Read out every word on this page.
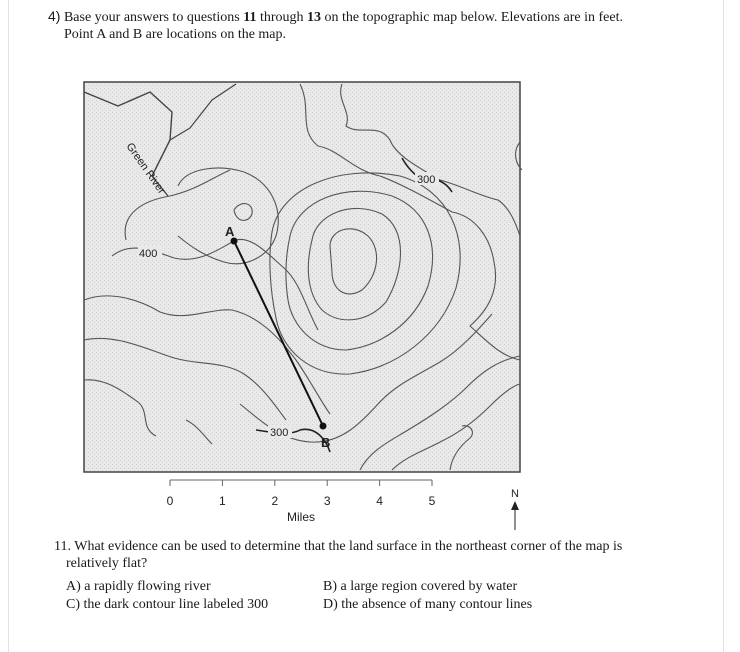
4) Base your answers to questions 11 through 13 on the topographic map below. Elevations are in feet.
Point A and B are locations on the map.
Green River
A
B
400
300
300
0	1	2	3	4	5
Miles
N
11. What evidence can be used to determine that the land surface in the northeast corner of the map is
relatively flat?
A) a rapidly flowing river
C) the dark contour line labeled 300
B) a large region covered by water
D) the absence of many contour lines
